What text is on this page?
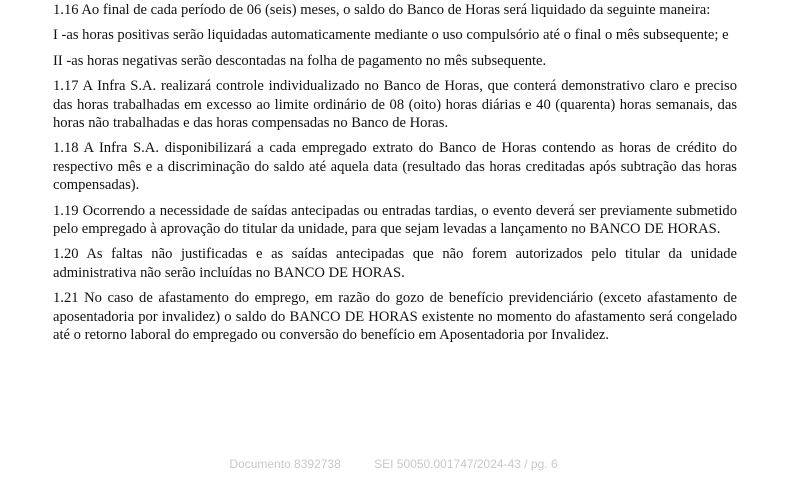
1.16 Ao final de cada período de 06 (seis) meses, o saldo do Banco de Horas será liquidado da seguinte maneira:

I -as horas positivas serão liquidadas automaticamente mediante o uso compulsório até o final o mês subsequente; e

II -as horas negativas serão descontadas na folha de pagamento no mês subsequente.

1.17 A Infra S.A. realizará controle individualizado no Banco de Horas, que conterá demonstrativo claro e preciso das horas trabalhadas em excesso ao limite ordinário de 08 (oito) horas diárias e 40 (quarenta) horas semanais, das horas não trabalhadas e das horas compensadas no Banco de Horas.

1.18 A Infra S.A. disponibilizará a cada empregado extrato do Banco de Horas contendo as horas de crédito do respectivo mês e a discriminação do saldo até aquela data (resultado das horas creditadas após subtração das horas compensadas).

1.19 Ocorrendo a necessidade de saídas antecipadas ou entradas tardias, o evento deverá ser previamente submetido pelo empregado à aprovação do titular da unidade, para que sejam levadas a lançamento no BANCO DE HORAS.

1.20 As faltas não justificadas e as saídas antecipadas que não forem autorizados pelo titular da unidade administrativa não serão incluídas no BANCO DE HORAS.

1.21 No caso de afastamento do emprego, em razão do gozo de benefício previdenciário (exceto afastamento de aposentadoria por invalidez) o saldo do BANCO DE HORAS existente no momento do afastamento será congelado até o retorno laboral do empregado ou conversão do benefício em Aposentadoria por Invalidez.

Documento 8392738	SEI 50050.001747/2024-43 / pg. 6
